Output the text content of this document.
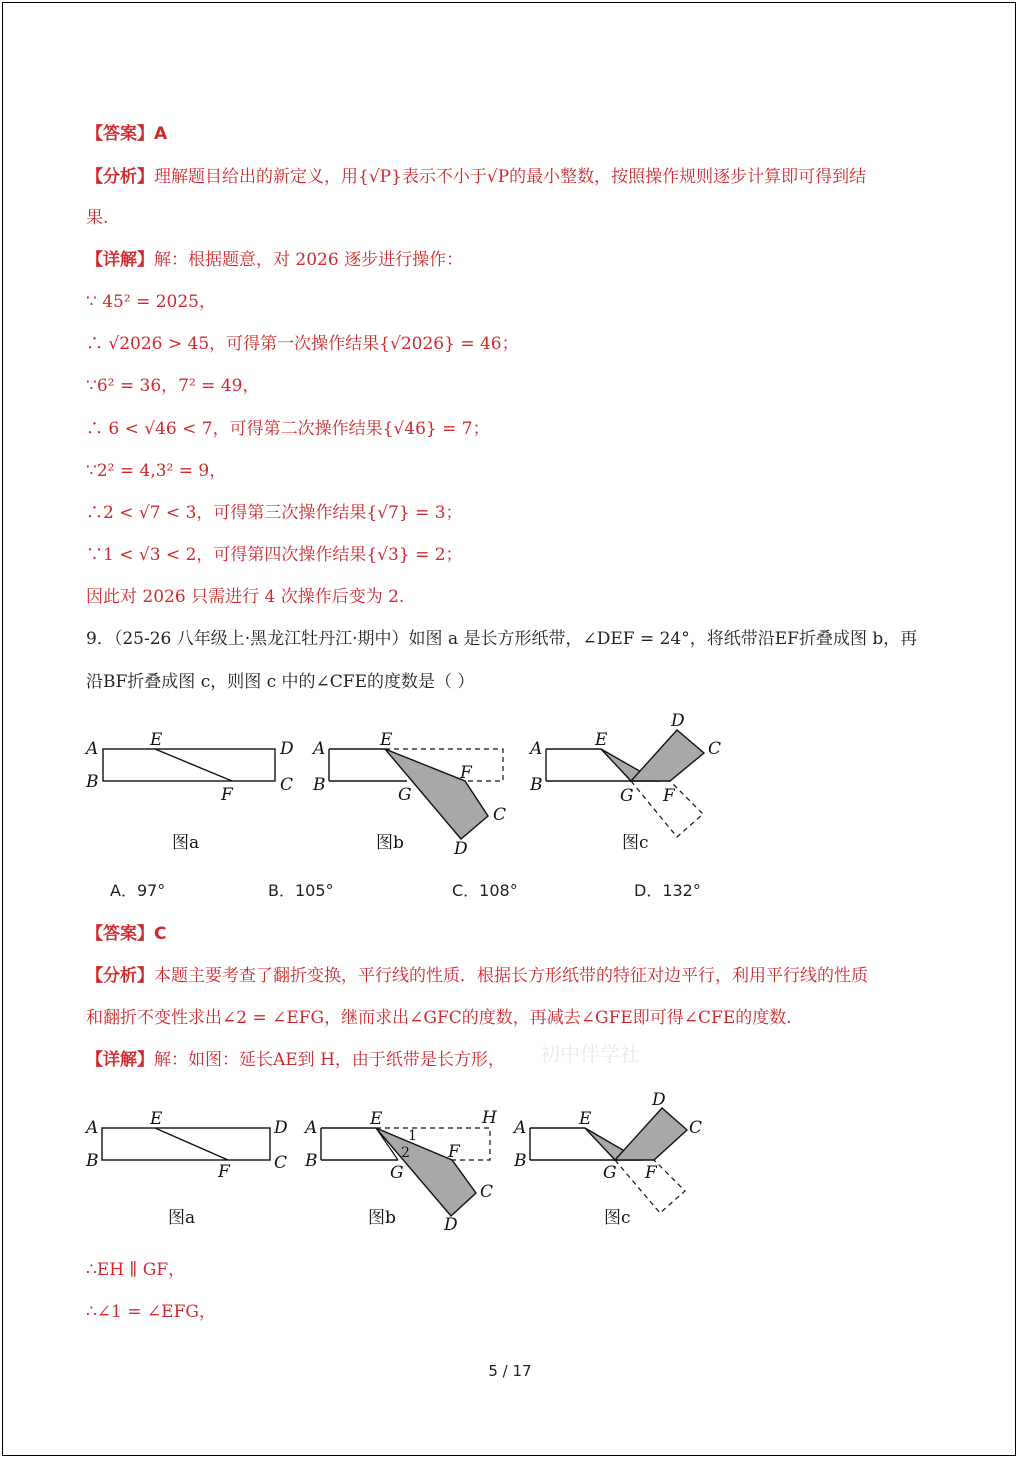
【答案】A
【分析】理解题目给出的新定义，用{√P}表示不小于√P的最小整数，按照操作规则逐步计算即可得到结
果.
【详解】解：根据题意，对 2026 逐步进行操作：
∵ 45² = 2025，
∴ √2026 > 45，可得第一次操作结果{√2026} = 46；
∵6² = 36，7² = 49，
∴ 6 < √46 < 7，可得第二次操作结果{√46} = 7；
∵2² = 4,3² = 9，
∴2 < √7 < 3，可得第三次操作结果{√7} = 3；
∵1 < √3 < 2，可得第四次操作结果{√3} = 2；
因此对 2026 只需进行 4 次操作后变为 2.
9．（25-26 八年级上·黑龙江牡丹江·期中）如图 a 是长方形纸带，∠DEF = 24°，将纸带沿EF折叠成图 b，再
沿BF折叠成图 c，则图 c 中的∠CFE的度数是（ ）
A	E	D
B	C
F
图a
A	E
B
F
G
C
D
图b
A	E
D
C
B
G F
图c
A．97°	B．105°	C．108°	D．132°
【答案】C
【分析】本题主要考查了翻折变换，平行线的性质．根据长方形纸带的特征对边平行，利用平行线的性质
和翻折不变性求出∠2 = ∠EFG，继而求出∠GFC的度数，再减去∠GFE即可得∠CFE的度数.
【详解】解：如图：延长AE到 H，由于纸带是长方形， 初中伴学社
A	E	D
B	C
F
图a
A	E	H
B
1
2 F
G
C
D
图b
A	E
D
C
B
G F
图c
∴EH ∥ GF，
∴∠1 = ∠EFG，
5 / 17
